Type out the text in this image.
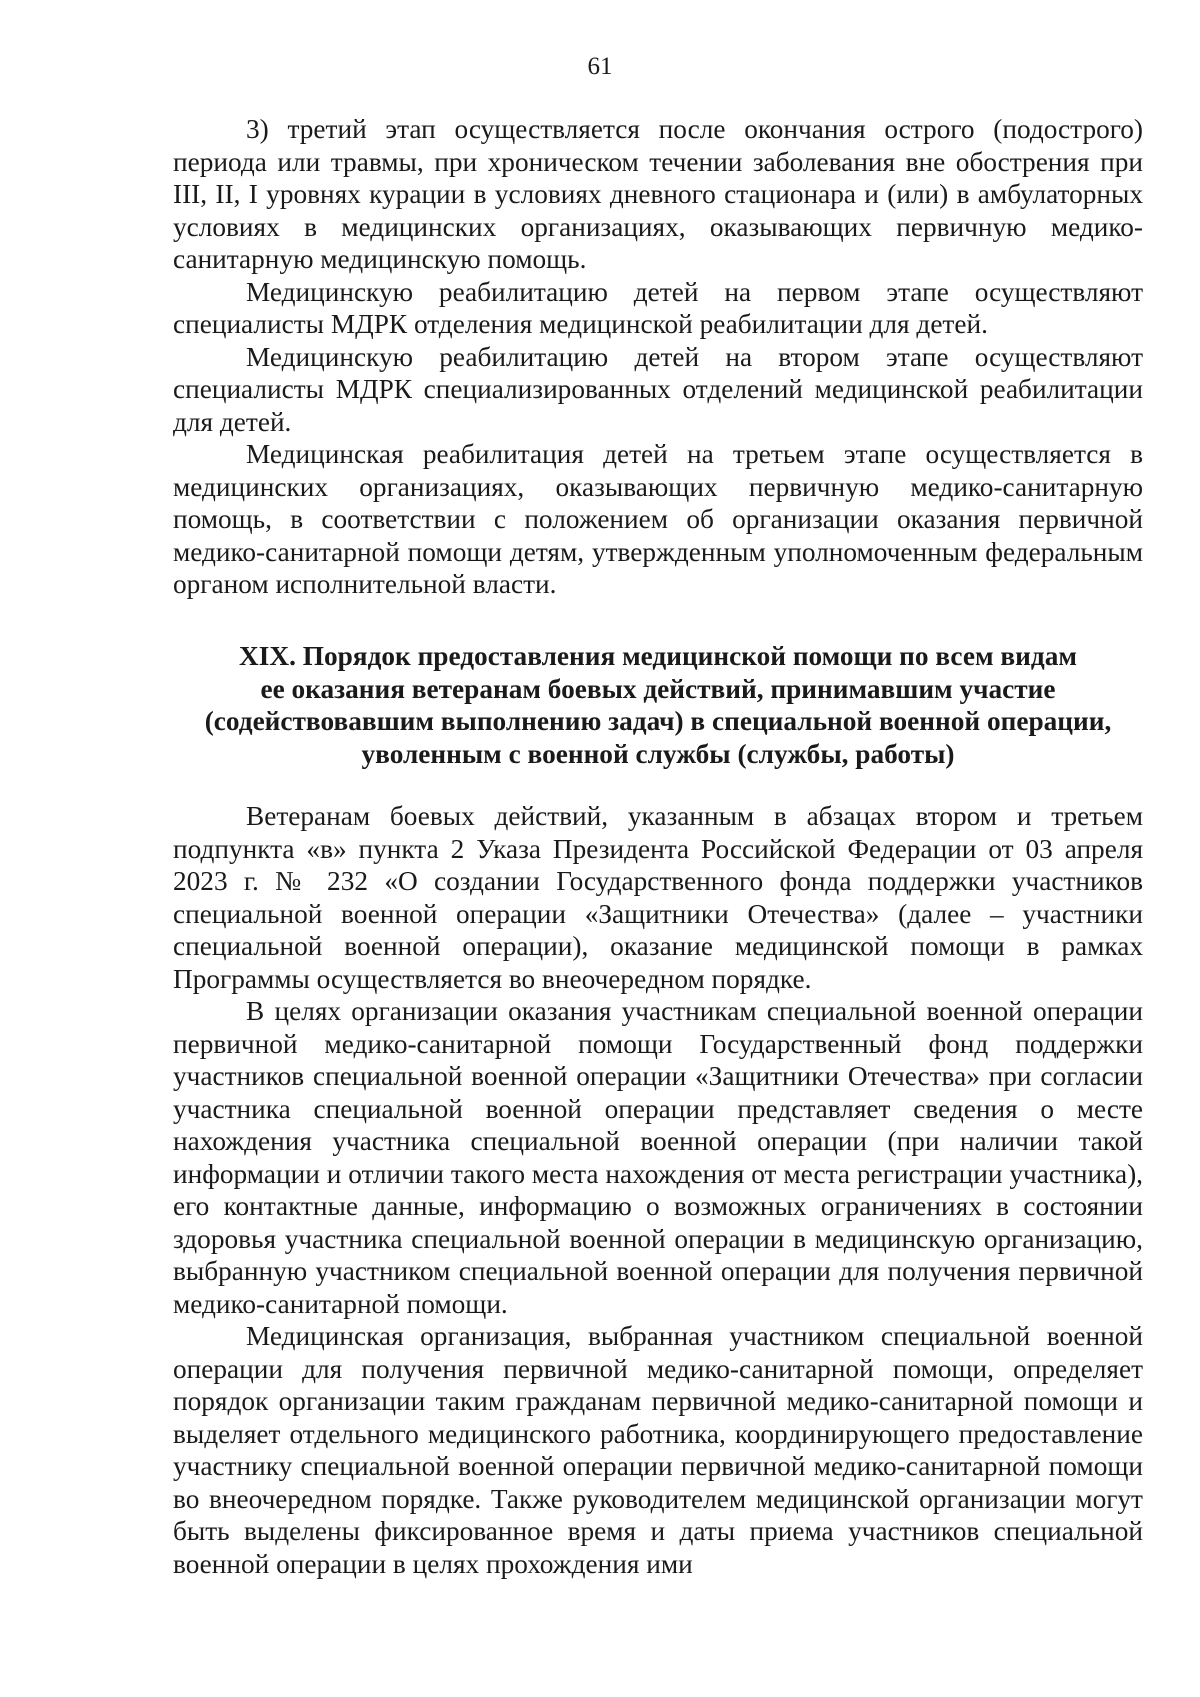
61

3) третий этап осуществляется после окончания острого (подострого) периода или травмы, при хроническом течении заболевания вне обострения при III, II, I уровнях курации в условиях дневного стационара и (или) в амбулаторных условиях в медицинских организациях, оказывающих первичную медико-санитарную медицинскую помощь.

Медицинскую реабилитацию детей на первом этапе осуществляют специалисты МДРК отделения медицинской реабилитации для детей.

Медицинскую реабилитацию детей на втором этапе осуществляют специалисты МДРК специализированных отделений медицинской реабилитации для детей.

Медицинская реабилитация детей на третьем этапе осуществляется в медицинских организациях, оказывающих первичную медико-санитарную помощь, в соответствии с положением об организации оказания первичной медико-санитарной помощи детям, утвержденным уполномоченным федеральным органом исполнительной власти.

XIX. Порядок предоставления медицинской помощи по всем видам
ее оказания ветеранам боевых действий, принимавшим участие
(содействовавшим выполнению задач) в специальной военной операции,
уволенным с военной службы (службы, работы)

Ветеранам боевых действий, указанным в абзацах втором и третьем подпункта «в» пункта 2 Указа Президента Российской Федерации от 03 апреля 2023 г. № 232 «О создании Государственного фонда поддержки участников специальной военной операции «Защитники Отечества» (далее – участники специальной военной операции), оказание медицинской помощи в рамках Программы осуществляется во внеочередном порядке.

В целях организации оказания участникам специальной военной операции первичной медико-санитарной помощи Государственный фонд поддержки участников специальной военной операции «Защитники Отечества» при согласии участника специальной военной операции представляет сведения о месте нахождения участника специальной военной операции (при наличии такой информации и отличии такого места нахождения от места регистрации участника), его контактные данные, информацию о возможных ограничениях в состоянии здоровья участника специальной военной операции в медицинскую организацию, выбранную участником специальной военной операции для получения первичной медико-санитарной помощи.

Медицинская организация, выбранная участником специальной военной операции для получения первичной медико-санитарной помощи, определяет порядок организации таким гражданам первичной медико-санитарной помощи и выделяет отдельного медицинского работника, координирующего предоставление участнику специальной военной операции первичной медико-санитарной помощи во внеочередном порядке. Также руководителем медицинской организации могут быть выделены фиксированное время и даты приема участников специальной военной операции в целях прохождения ими
